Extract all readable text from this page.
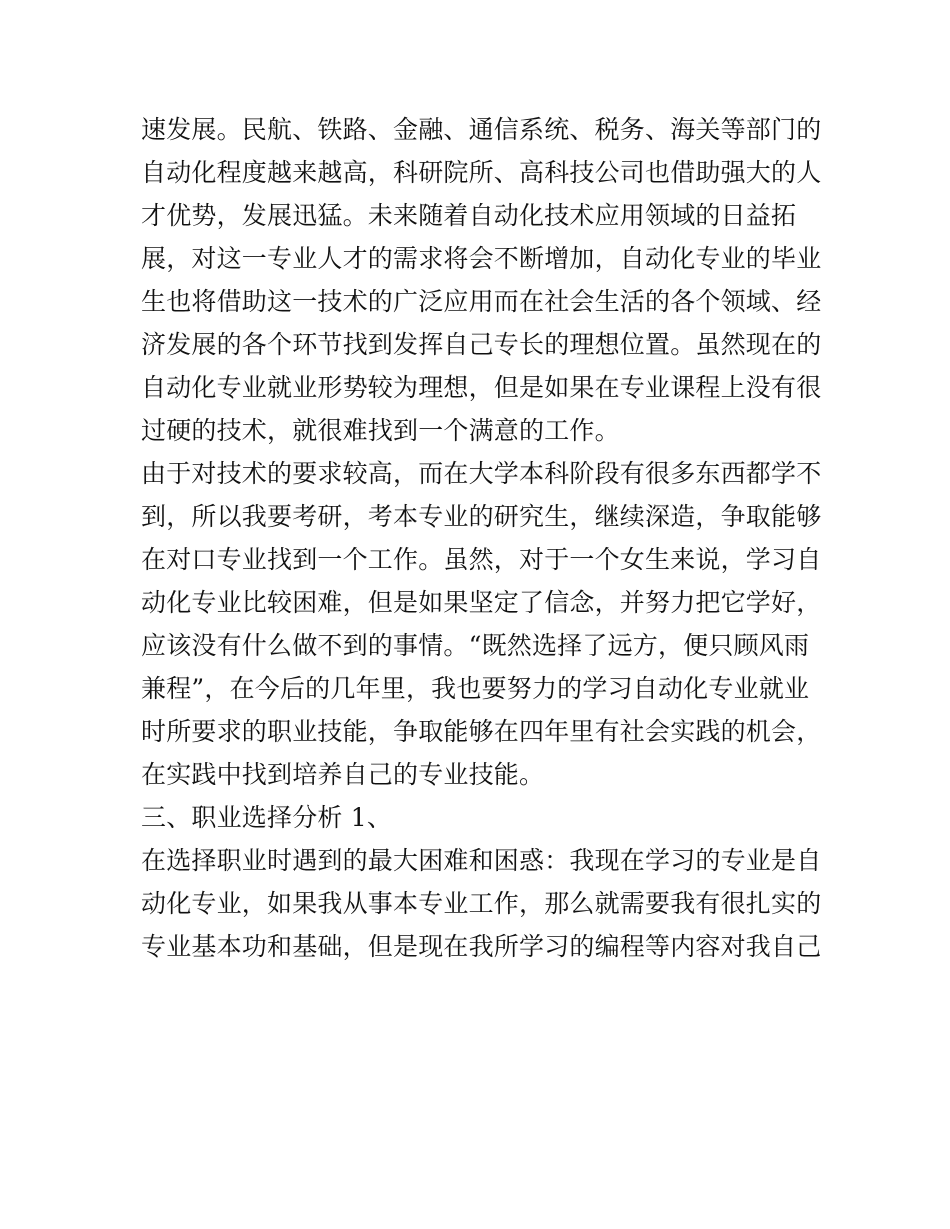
速发展。民航、铁路、金融、通信系统、税务、海关等部门的
自动化程度越来越高，科研院所、高科技公司也借助强大的人
才优势，发展迅猛。未来随着自动化技术应用领域的日益拓
展，对这一专业人才的需求将会不断增加，自动化专业的毕业
生也将借助这一技术的广泛应用而在社会生活的各个领域、经
济发展的各个环节找到发挥自己专长的理想位置。虽然现在的
自动化专业就业形势较为理想，但是如果在专业课程上没有很
过硬的技术，就很难找到一个满意的工作。
由于对技术的要求较高，而在大学本科阶段有很多东西都学不
到，所以我要考研，考本专业的研究生，继续深造，争取能够
在对口专业找到一个工作。虽然，对于一个女生来说，学习自
动化专业比较困难，但是如果坚定了信念，并努力把它学好，
应该没有什么做不到的事情。“既然选择了远方，便只顾风雨
兼程”，在今后的几年里，我也要努力的学习自动化专业就业
时所要求的职业技能，争取能够在四年里有社会实践的机会，
在实践中找到培养自己的专业技能。
三、职业选择分析 1、
在选择职业时遇到的最大困难和困惑：我现在学习的专业是自
动化专业，如果我从事本专业工作，那么就需要我有很扎实的
专业基本功和基础，但是现在我所学习的编程等内容对我自己
